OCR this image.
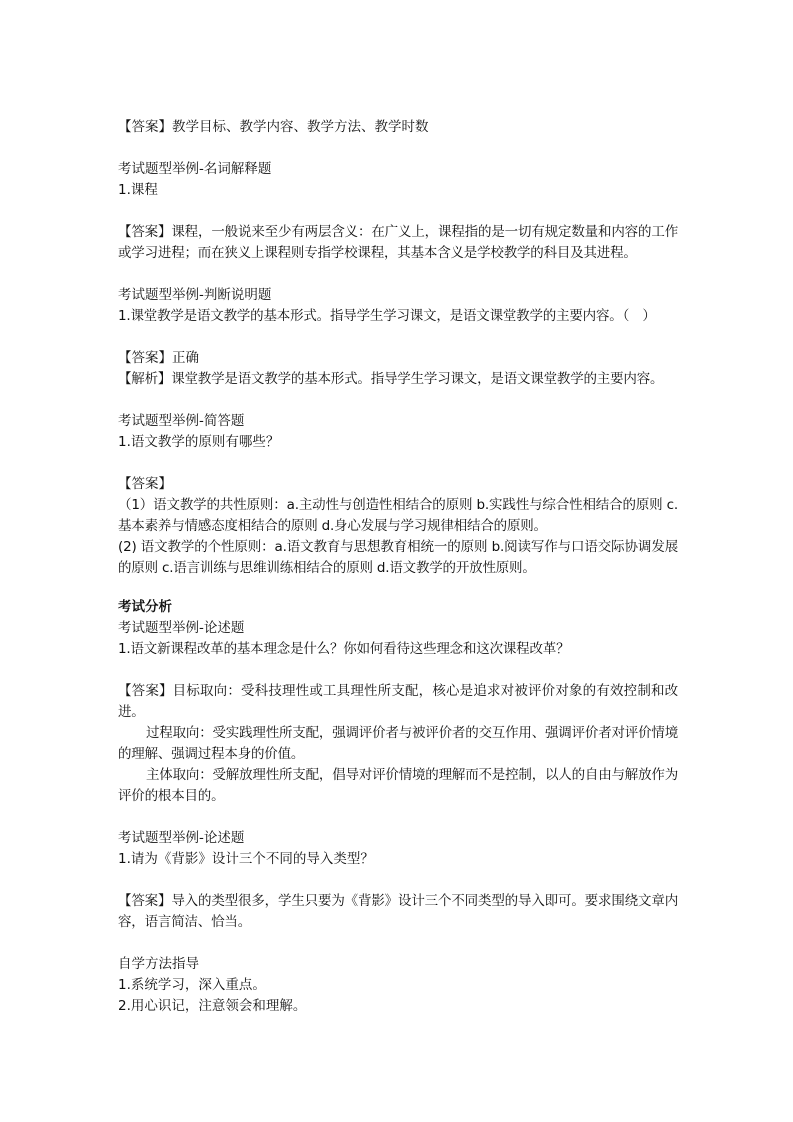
【答案】教学目标、教学内容、教学方法、教学时数

考试题型举例-名词解释题

1.课程

【答案】课程，一般说来至少有两层含义：在广义上，课程指的是一切有规定数量和内容的工作或学习进程；而在狭义上课程则专指学校课程，其基本含义是学校教学的科目及其进程。

考试题型举例-判断说明题

1.课堂教学是语文教学的基本形式。指导学生学习课文，是语文课堂教学的主要内容。（　）

【答案】正确

【解析】课堂教学是语文教学的基本形式。指导学生学习课文，是语文课堂教学的主要内容。

考试题型举例-简答题

1.语文教学的原则有哪些？

【答案】

（1）语文教学的共性原则：a.主动性与创造性相结合的原则 b.实践性与综合性相结合的原则 c.基本素养与情感态度相结合的原则 d.身心发展与学习规律相结合的原则。

(2) 语文教学的个性原则：a.语文教育与思想教育相统一的原则 b.阅读写作与口语交际协调发展的原则 c.语言训练与思维训练相结合的原则 d.语文教学的开放性原则。

考试分析

考试题型举例-论述题

1.语文新课程改革的基本理念是什么？你如何看待这些理念和这次课程改革？

【答案】目标取向：受科技理性或工具理性所支配，核心是追求对被评价对象的有效控制和改进。

过程取向：受实践理性所支配，强调评价者与被评价者的交互作用、强调评价者对评价情境的理解、强调过程本身的价值。

主体取向：受解放理性所支配，倡导对评价情境的理解而不是控制，以人的自由与解放作为评价的根本目的。

考试题型举例-论述题

1.请为《背影》设计三个不同的导入类型？

【答案】导入的类型很多，学生只要为《背影》设计三个不同类型的导入即可。要求围绕文章内容，语言简洁、恰当。

自学方法指导

1.系统学习，深入重点。

2.用心识记，注意领会和理解。
